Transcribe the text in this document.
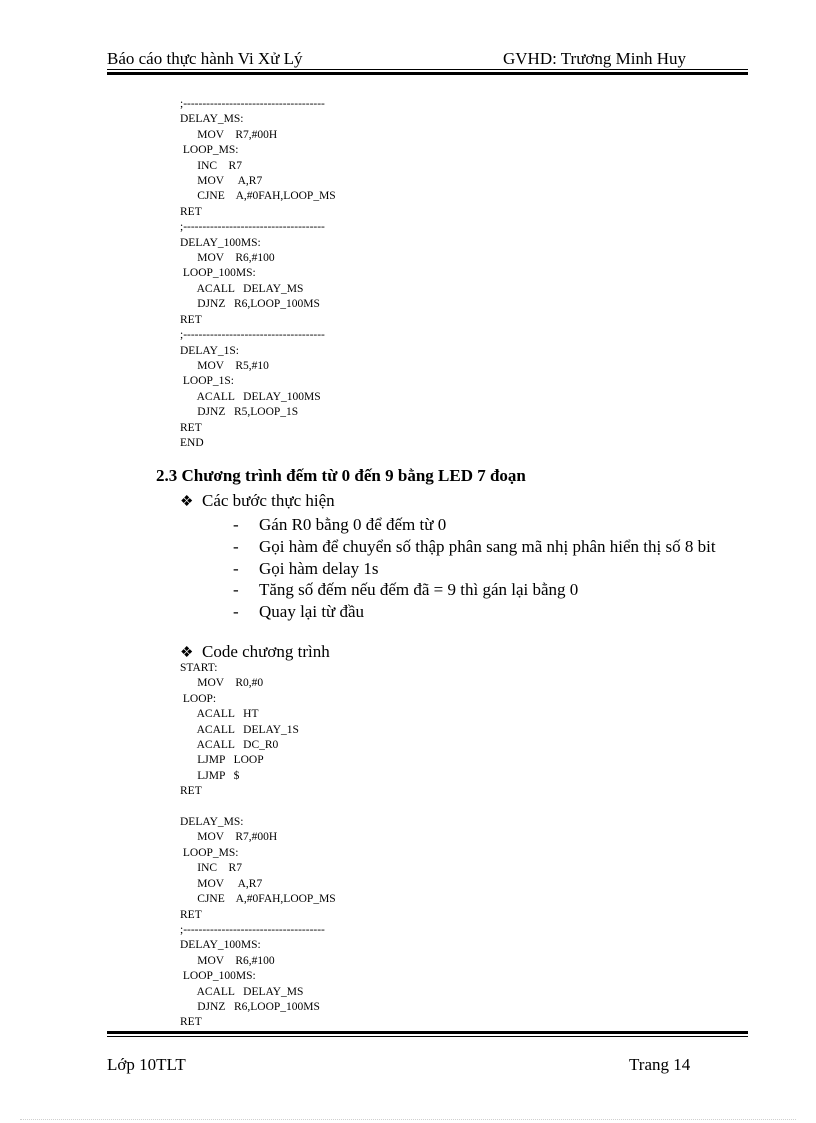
Báo cáo thực hành Vi Xử Lý	GVHD: Trương Minh Huy
;-------------------------------------
DELAY_MS:
MOV    R7,#00H
LOOP_MS:
INC    R7
MOV     A,R7
CJNE    A,#0FAH,LOOP_MS
RET
;-------------------------------------
DELAY_100MS:
MOV    R6,#100
LOOP_100MS:
ACALL   DELAY_MS
DJNZ   R6,LOOP_100MS
RET
;-------------------------------------
DELAY_1S:
MOV    R5,#10
LOOP_1S:
ACALL   DELAY_100MS
DJNZ   R5,LOOP_1S
RET
END
2.3 Chương trình đếm từ 0 đến 9 bằng LED 7 đoạn
❖ Các bước thực hiện
- Gán R0 bằng 0 để đếm từ 0
- Gọi hàm để chuyển số thập phân sang mã nhị phân hiển thị số 8 bit
- Gọi hàm delay 1s
- Tăng số đếm nếu đếm đã = 9 thì gán lại bằng 0
- Quay lại từ đầu
❖ Code chương trình
START:
MOV    R0,#0
LOOP:
ACALL   HT
ACALL   DELAY_1S
ACALL   DC_R0
LJMP   LOOP
LJMP   $
RET

DELAY_MS:
MOV    R7,#00H
LOOP_MS:
INC    R7
MOV     A,R7
CJNE    A,#0FAH,LOOP_MS
RET
;-------------------------------------
DELAY_100MS:
MOV    R6,#100
LOOP_100MS:
ACALL   DELAY_MS
DJNZ   R6,LOOP_100MS
RET
Lớp 10TLT	Trang 14
